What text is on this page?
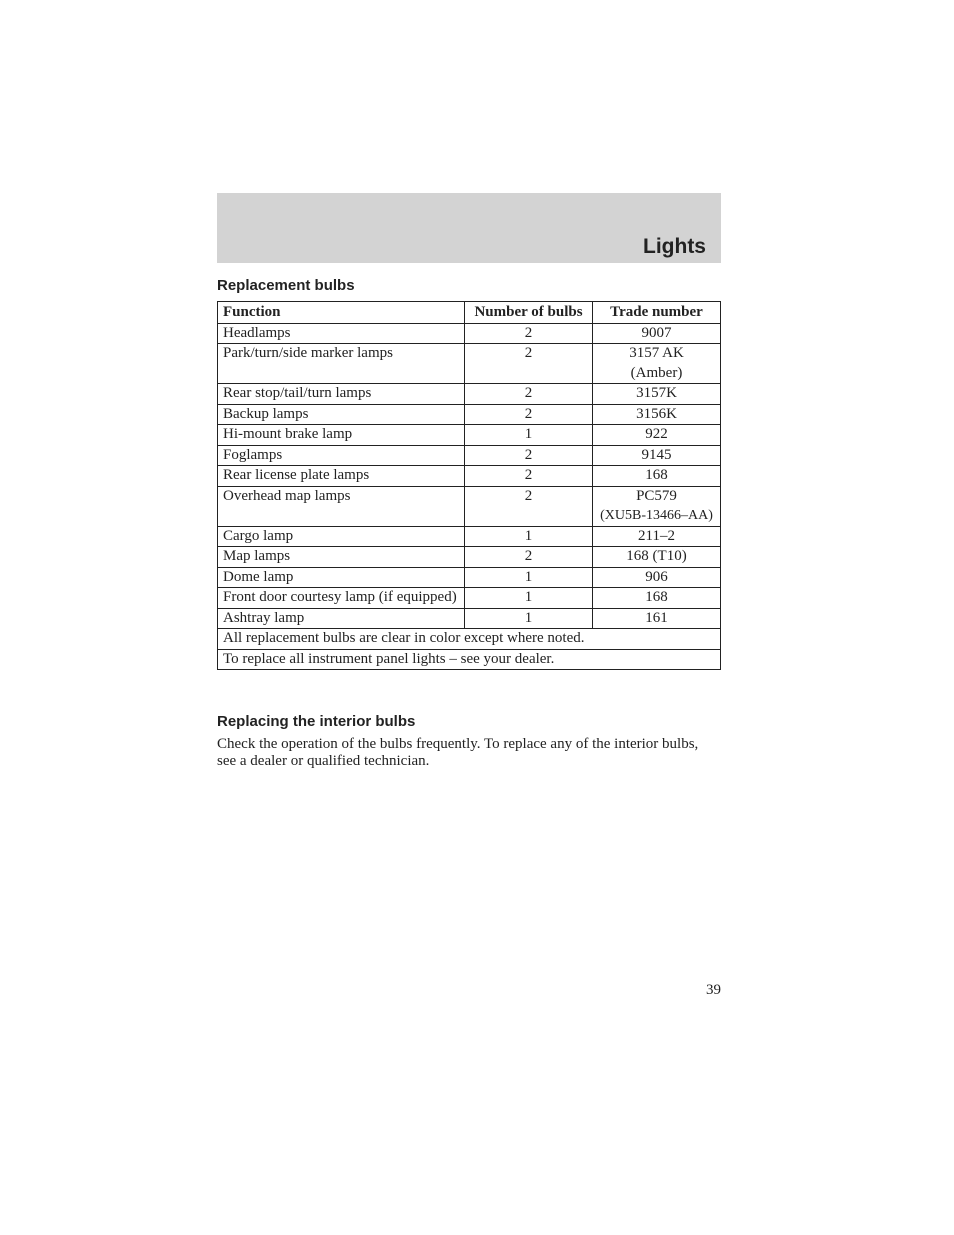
Lights
Replacement bulbs
Function	Number of bulbs	Trade number
Headlamps	2	9007
Park/turn/side marker lamps	2	3157 AK
(Amber)
Rear stop/tail/turn lamps	2	3157K
Backup lamps	2	3156K
Hi-mount brake lamp	1	922
Foglamps	2	9145
Rear license plate lamps	2	168
Overhead map lamps	2	PC579
(XU5B-13466–AA)
Cargo lamp	1	211–2
Map lamps	2	168 (T10)
Dome lamp	1	906
Front door courtesy lamp (if equipped)	1	168
Ashtray lamp	1	161
All replacement bulbs are clear in color except where noted.		
To replace all instrument panel lights – see your dealer.		
Replacing the interior bulbs

Check the operation of the bulbs frequently. To replace any of the interior bulbs, see a dealer or qualified technician.

39
